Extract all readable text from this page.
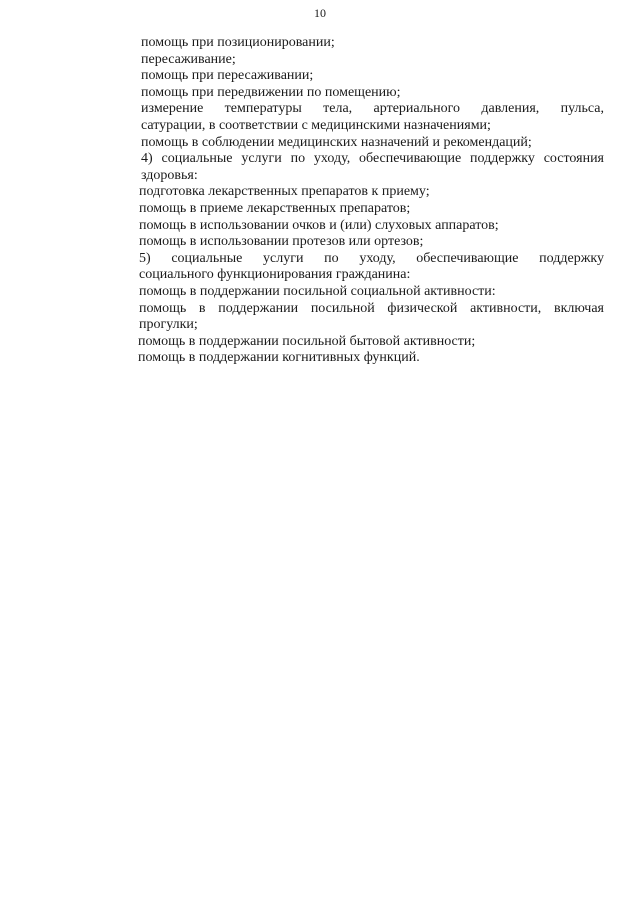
10
помощь при позиционировании;
пересаживание;
помощь при пересаживании;
помощь при передвижении по помещению;
измерение температуры тела, артериального давления, пульса,
сатурации, в соответствии с медицинскими назначениями;
помощь в соблюдении медицинских назначений и рекомендаций;
4) социальные услуги по уходу, обеспечивающие поддержку состояния
здоровья:
подготовка лекарственных препаратов к приему;
помощь в приеме лекарственных препаратов;
помощь в использовании очков и (или) слуховых аппаратов;
помощь в использовании протезов или ортезов;
5) социальные услуги по уходу, обеспечивающие поддержку
социального функционирования гражданина:
помощь в поддержании посильной социальной активности:
помощь в поддержании посильной физической активности, включая
прогулки;
помощь в поддержании посильной бытовой активности;
помощь в поддержании когнитивных функций.
